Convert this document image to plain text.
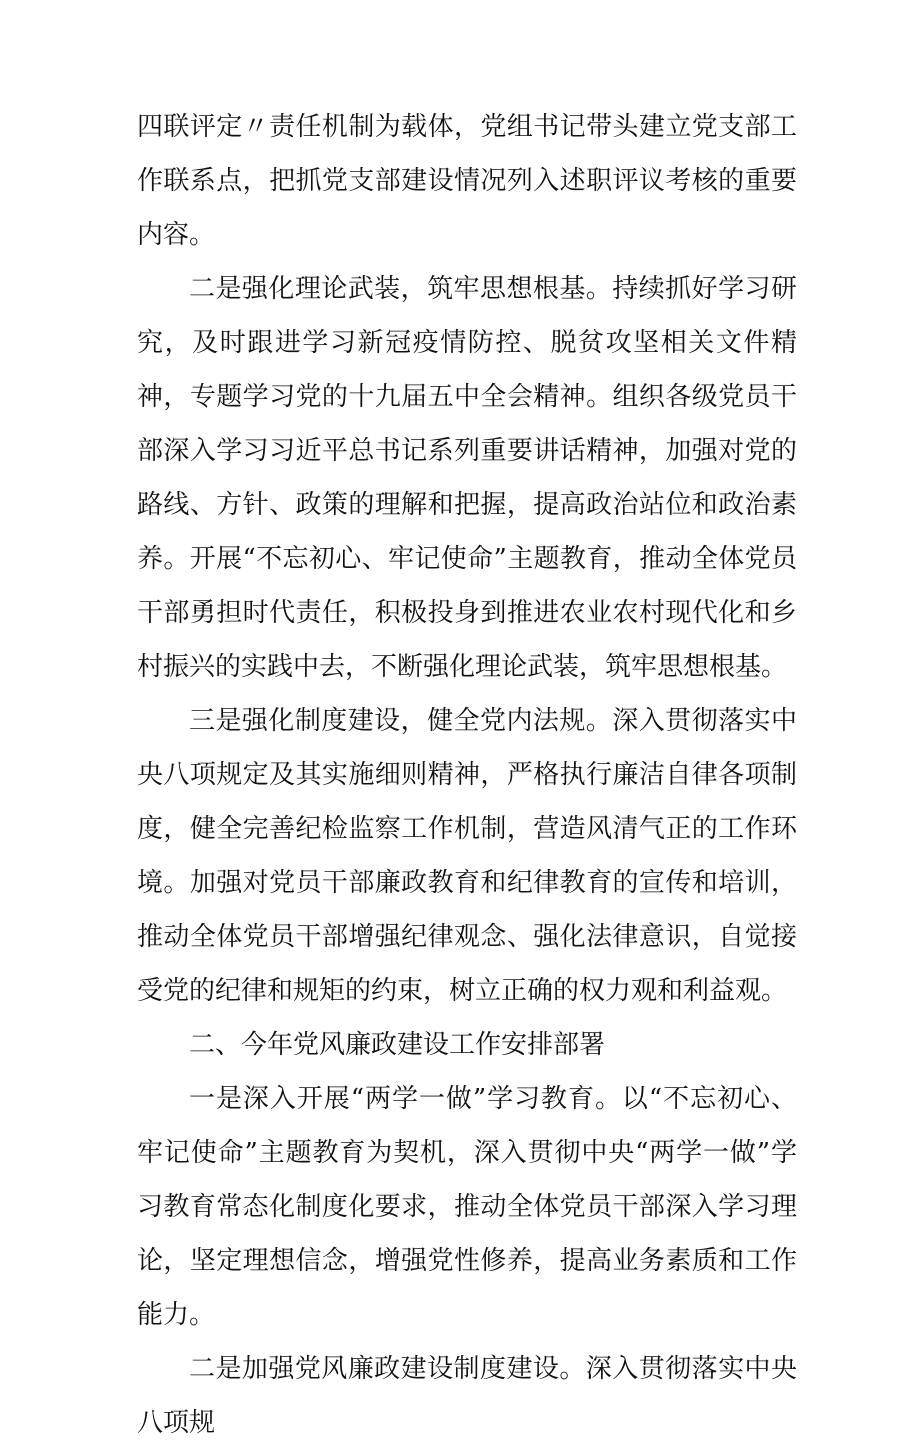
四联评定〃责任机制为载体，党组书记带头建立党支部工作联系点，把抓党支部建设情况列入述职评议考核的重要内容。

二是强化理论武装，筑牢思想根基。持续抓好学习研究，及时跟进学习新冠疫情防控、脱贫攻坚相关文件精神，专题学习党的十九届五中全会精神。组织各级党员干部深入学习习近平总书记系列重要讲话精神，加强对党的路线、方针、政策的理解和把握，提高政治站位和政治素养。开展“不忘初心、牢记使命”主题教育，推动全体党员干部勇担时代责任，积极投身到推进农业农村现代化和乡村振兴的实践中去，不断强化理论武装，筑牢思想根基。

三是强化制度建设，健全党内法规。深入贯彻落实中央八项规定及其实施细则精神，严格执行廉洁自律各项制度，健全完善纪检监察工作机制，营造风清气正的工作环境。加强对党员干部廉政教育和纪律教育的宣传和培训，推动全体党员干部增强纪律观念、强化法律意识，自觉接受党的纪律和规矩的约束，树立正确的权力观和利益观。

二、今年党风廉政建设工作安排部署

一是深入开展“两学一做”学习教育。以“不忘初心、牢记使命”主题教育为契机，深入贯彻中央“两学一做”学习教育常态化制度化要求，推动全体党员干部深入学习理论，坚定理想信念，增强党性修养，提高业务素质和工作能力。

二是加强党风廉政建设制度建设。深入贯彻落实中央八项规
